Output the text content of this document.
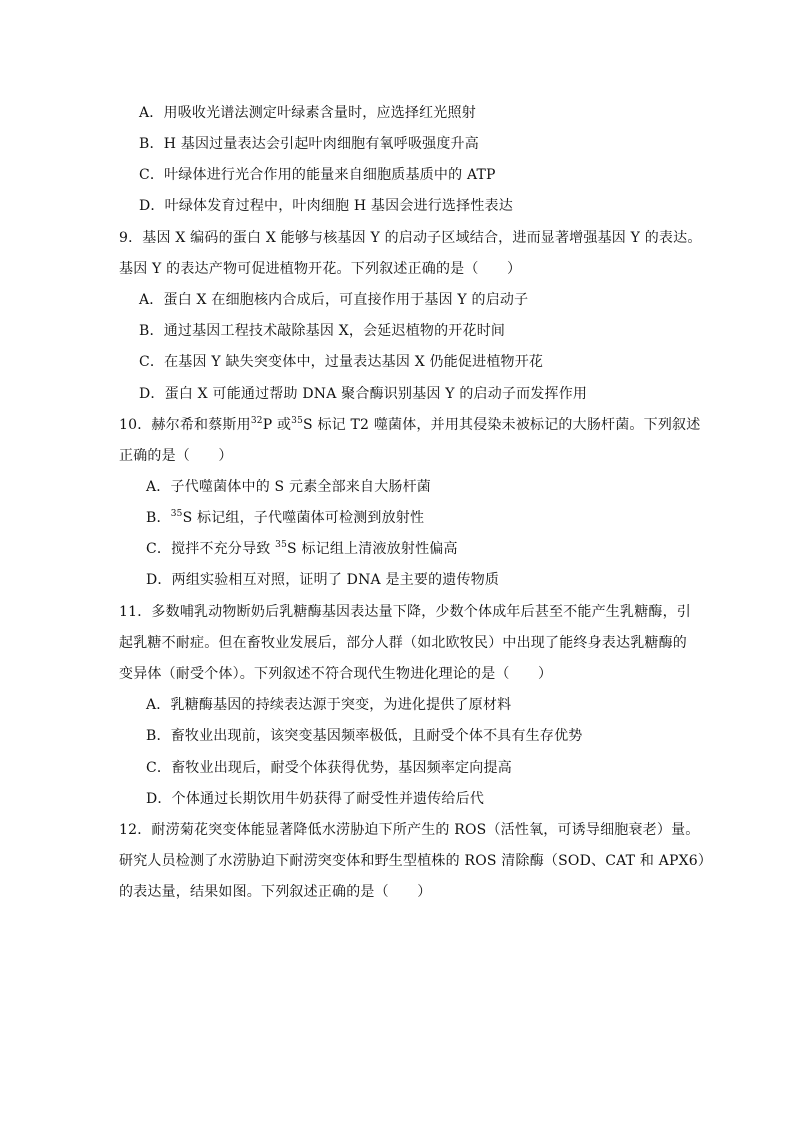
A．用吸收光谱法测定叶绿素含量时，应选择红光照射
B．H 基因过量表达会引起叶肉细胞有氧呼吸强度升高
C．叶绿体进行光合作用的能量来自细胞质基质中的 ATP
D．叶绿体发育过程中，叶肉细胞 H 基因会进行选择性表达
9．基因 X 编码的蛋白 X 能够与核基因 Y 的启动子区域结合，进而显著增强基因 Y 的表达。
基因 Y 的表达产物可促进植物开花。下列叙述正确的是（　　）
A．蛋白 X 在细胞核内合成后，可直接作用于基因 Y 的启动子
B．通过基因工程技术敲除基因 X，会延迟植物的开花时间
C．在基因 Y 缺失突变体中，过量表达基因 X 仍能促进植物开花
D．蛋白 X 可能通过帮助 DNA 聚合酶识别基因 Y 的启动子而发挥作用
10．赫尔希和蔡斯用$^{32}$P 或$^{35}$S 标记 T2 噬菌体，并用其侵染未被标记的大肠杆菌。下列叙述
正确的是（　　）
A．子代噬菌体中的 S 元素全部来自大肠杆菌
B．$^{35}$S 标记组，子代噬菌体可检测到放射性
C．搅拌不充分导致 $^{35}$S 标记组上清液放射性偏高
D．两组实验相互对照，证明了 DNA 是主要的遗传物质
11．多数哺乳动物断奶后乳糖酶基因表达量下降，少数个体成年后甚至不能产生乳糖酶，引
起乳糖不耐症。但在畜牧业发展后，部分人群（如北欧牧民）中出现了能终身表达乳糖酶的
变异体（耐受个体）。下列叙述不符合现代生物进化理论的是（　　）
A．乳糖酶基因的持续表达源于突变，为进化提供了原材料
B．畜牧业出现前，该突变基因频率极低，且耐受个体不具有生存优势
C．畜牧业出现后，耐受个体获得优势，基因频率定向提高
D．个体通过长期饮用牛奶获得了耐受性并遗传给后代
12．耐涝菊花突变体能显著降低水涝胁迫下所产生的 ROS（活性氧，可诱导细胞衰老）量。
研究人员检测了水涝胁迫下耐涝突变体和野生型植株的 ROS 清除酶（SOD、CAT 和 APX6）
的表达量，结果如图。下列叙述正确的是（　　）
